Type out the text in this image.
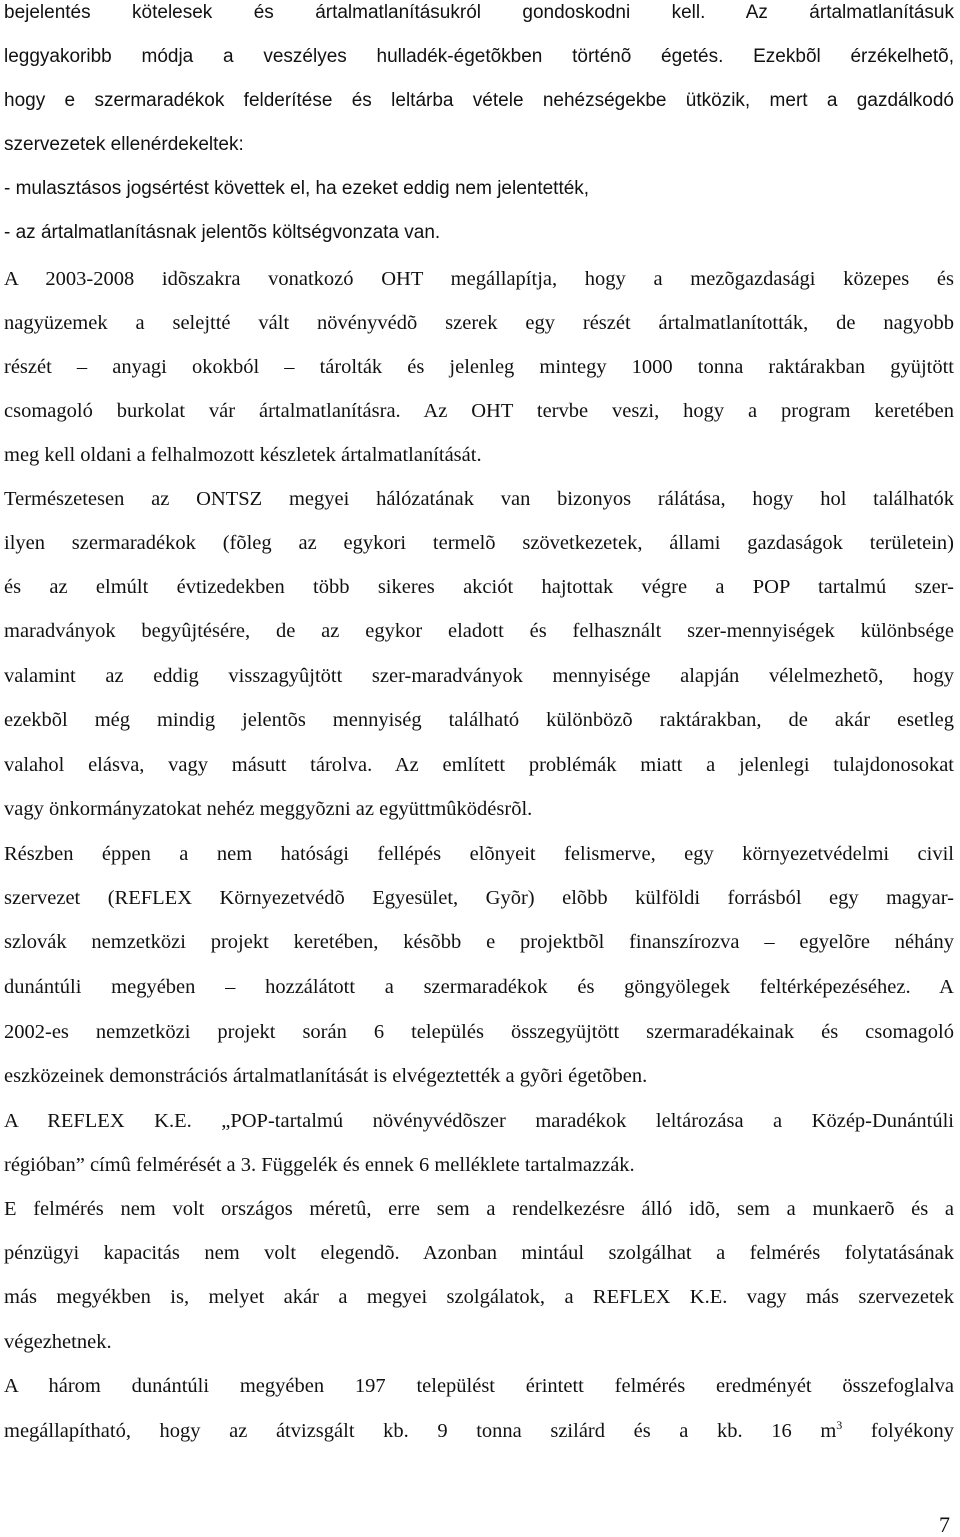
bejelentés kötelesek és ártalmatlanításukról gondoskodni kell. Az ártalmatlanításuk
leggyakoribb módja a veszélyes hulladék-égetõkben történõ égetés. Ezekbõl érzékelhetõ,
hogy e szermaradékok felderítése és leltárba vétele nehézségekbe ütközik, mert a gazdálkodó
szervezetek ellenérdekeltek:
- mulasztásos jogsértést követtek el, ha ezeket eddig nem jelentették,
- az ártalmatlanításnak jelentõs költségvonzata van.
A 2003-2008 idõszakra vonatkozó OHT megállapítja, hogy a mezõgazdasági közepes és
nagyüzemek a selejtté vált növényvédõ szerek egy részét ártalmatlanították, de nagyobb
részét – anyagi okokból – tárolták és jelenleg mintegy 1000 tonna raktárakban gyüjtött
csomagoló burkolat vár ártalmatlanításra. Az OHT tervbe veszi, hogy a program keretében
meg kell oldani a felhalmozott készletek ártalmatlanítását.
Természetesen az ONTSZ megyei hálózatának van bizonyos rálátása, hogy hol találhatók
ilyen szermaradékok (fõleg az egykori termelõ szövetkezetek, állami gazdaságok területein)
és az elmúlt évtizedekben több sikeres akciót hajtottak végre a POP tartalmú szer-
maradványok begyûjtésére, de az egykor eladott és felhasznált szer-mennyiségek különbsége
valamint az eddig visszagyûjtött szer-maradványok mennyisége alapján vélelmezhetõ, hogy
ezekbõl még mindig jelentõs mennyiség található különbözõ raktárakban, de akár esetleg
valahol elásva, vagy másutt tárolva. Az említett problémák miatt a jelenlegi tulajdonosokat
vagy önkormányzatokat nehéz meggyõzni az együttmûködésrõl.
Részben éppen a nem hatósági fellépés elõnyeit felismerve, egy környezetvédelmi civil
szervezet (REFLEX Környezetvédõ Egyesület, Gyõr) elõbb külföldi forrásból egy magyar-
szlovák nemzetközi projekt keretében, késõbb e projektbõl finanszírozva – egyelõre néhány
dunántúli megyében – hozzálátott a szermaradékok és göngyölegek feltérképezéséhez. A
2002-es nemzetközi projekt során 6 település összegyüjtött szermaradékainak és csomagoló
eszközeinek demonstrációs ártalmatlanítását is elvégeztették a gyõri égetõben.
A REFLEX K.E. „POP-tartalmú növényvédõszer maradékok leltározása a Közép-Dunántúli
régióban” címû felmérését a 3. Függelék és ennek 6 melléklete tartalmazzák.
E felmérés nem volt országos méretû, erre sem a rendelkezésre álló idõ, sem a munkaerõ és a
pénzügyi kapacitás nem volt elegendõ. Azonban mintául szolgálhat a felmérés folytatásának
más megyékben is, melyet akár a megyei szolgálatok, a REFLEX K.E. vagy más szervezetek
végezhetnek.
A három dunántúli megyében 197 települést érintett felmérés eredményét összefoglalva
megállapítható, hogy az átvizsgált kb. 9 tonna szilárd és a kb. 16 $m^3$ folyékony
7
